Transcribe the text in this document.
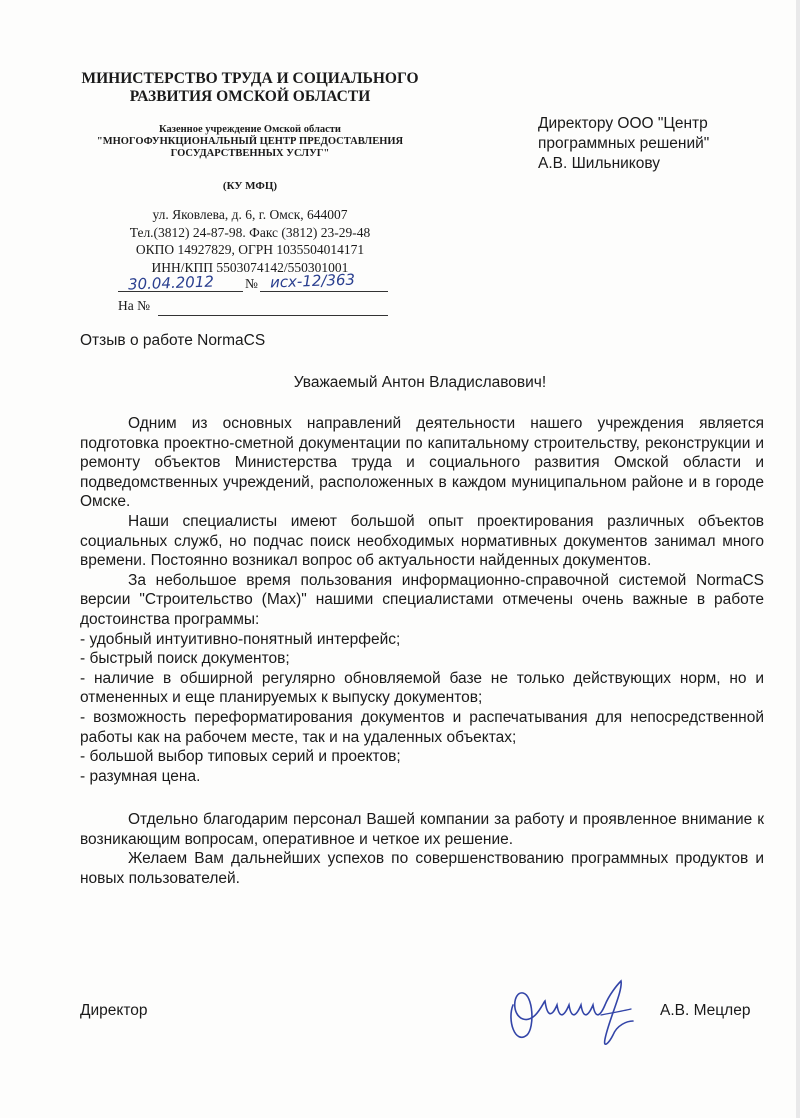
МИНИСТЕРСТВО ТРУДА И СОЦИАЛЬНОГО
РАЗВИТИЯ ОМСКОЙ ОБЛАСТИ
Казенное учреждение Омской области
"МНОГОФУНКЦИОНАЛЬНЫЙ ЦЕНТР ПРЕДОСТАВЛЕНИЯ
ГОСУДАРСТВЕННЫХ УСЛУГ"
(КУ МФЦ)
ул. Яковлева, д. 6, г. Омск, 644007
Тел.(3812) 24-87-98. Факс (3812) 23-29-48
ОКПО 14927829, ОГРН 1035504014171
ИНН/КПП 5503074142/550301001
30.04.2012 № исх-12/363
На №
Директору ООО "Центр
программных решений"
А.В. Шильникову
Отзыв о работе NormaCS
Уважаемый Антон Владиславович!

Одним из основных направлений деятельности нашего учреждения является подготовка проектно-сметной документации по капитальному строительству, реконструкции и ремонту объектов Министерства труда и социального развития Омской области и подведомственных учреждений, расположенных в каждом муниципальном районе и в городе Омске.

Наши специалисты имеют большой опыт проектирования различных объектов социальных служб, но подчас поиск необходимых нормативных документов занимал много времени. Постоянно возникал вопрос об актуальности найденных документов.

За небольшое время пользования информационно-справочной системой NormaCS версии "Строительство (Max)" нашими специалистами отмечены очень важные в работе достоинства программы:

- удобный интуитивно-понятный интерфейс;

- быстрый поиск документов;

- наличие в обширной регулярно обновляемой базе не только действующих норм, но и отмененных и еще планируемых к выпуску документов;

- возможность переформатирования документов и распечатывания для непосредственной работы как на рабочем месте, так и на удаленных объектах;

- большой выбор типовых серий и проектов;

- разумная цена.

Отдельно благодарим персонал Вашей компании за работу и проявленное внимание к возникающим вопросам, оперативное и четкое их решение.

Желаем Вам дальнейших успехов по совершенствованию программных продуктов и новых пользователей.

Директор	А.В. Мецлер
